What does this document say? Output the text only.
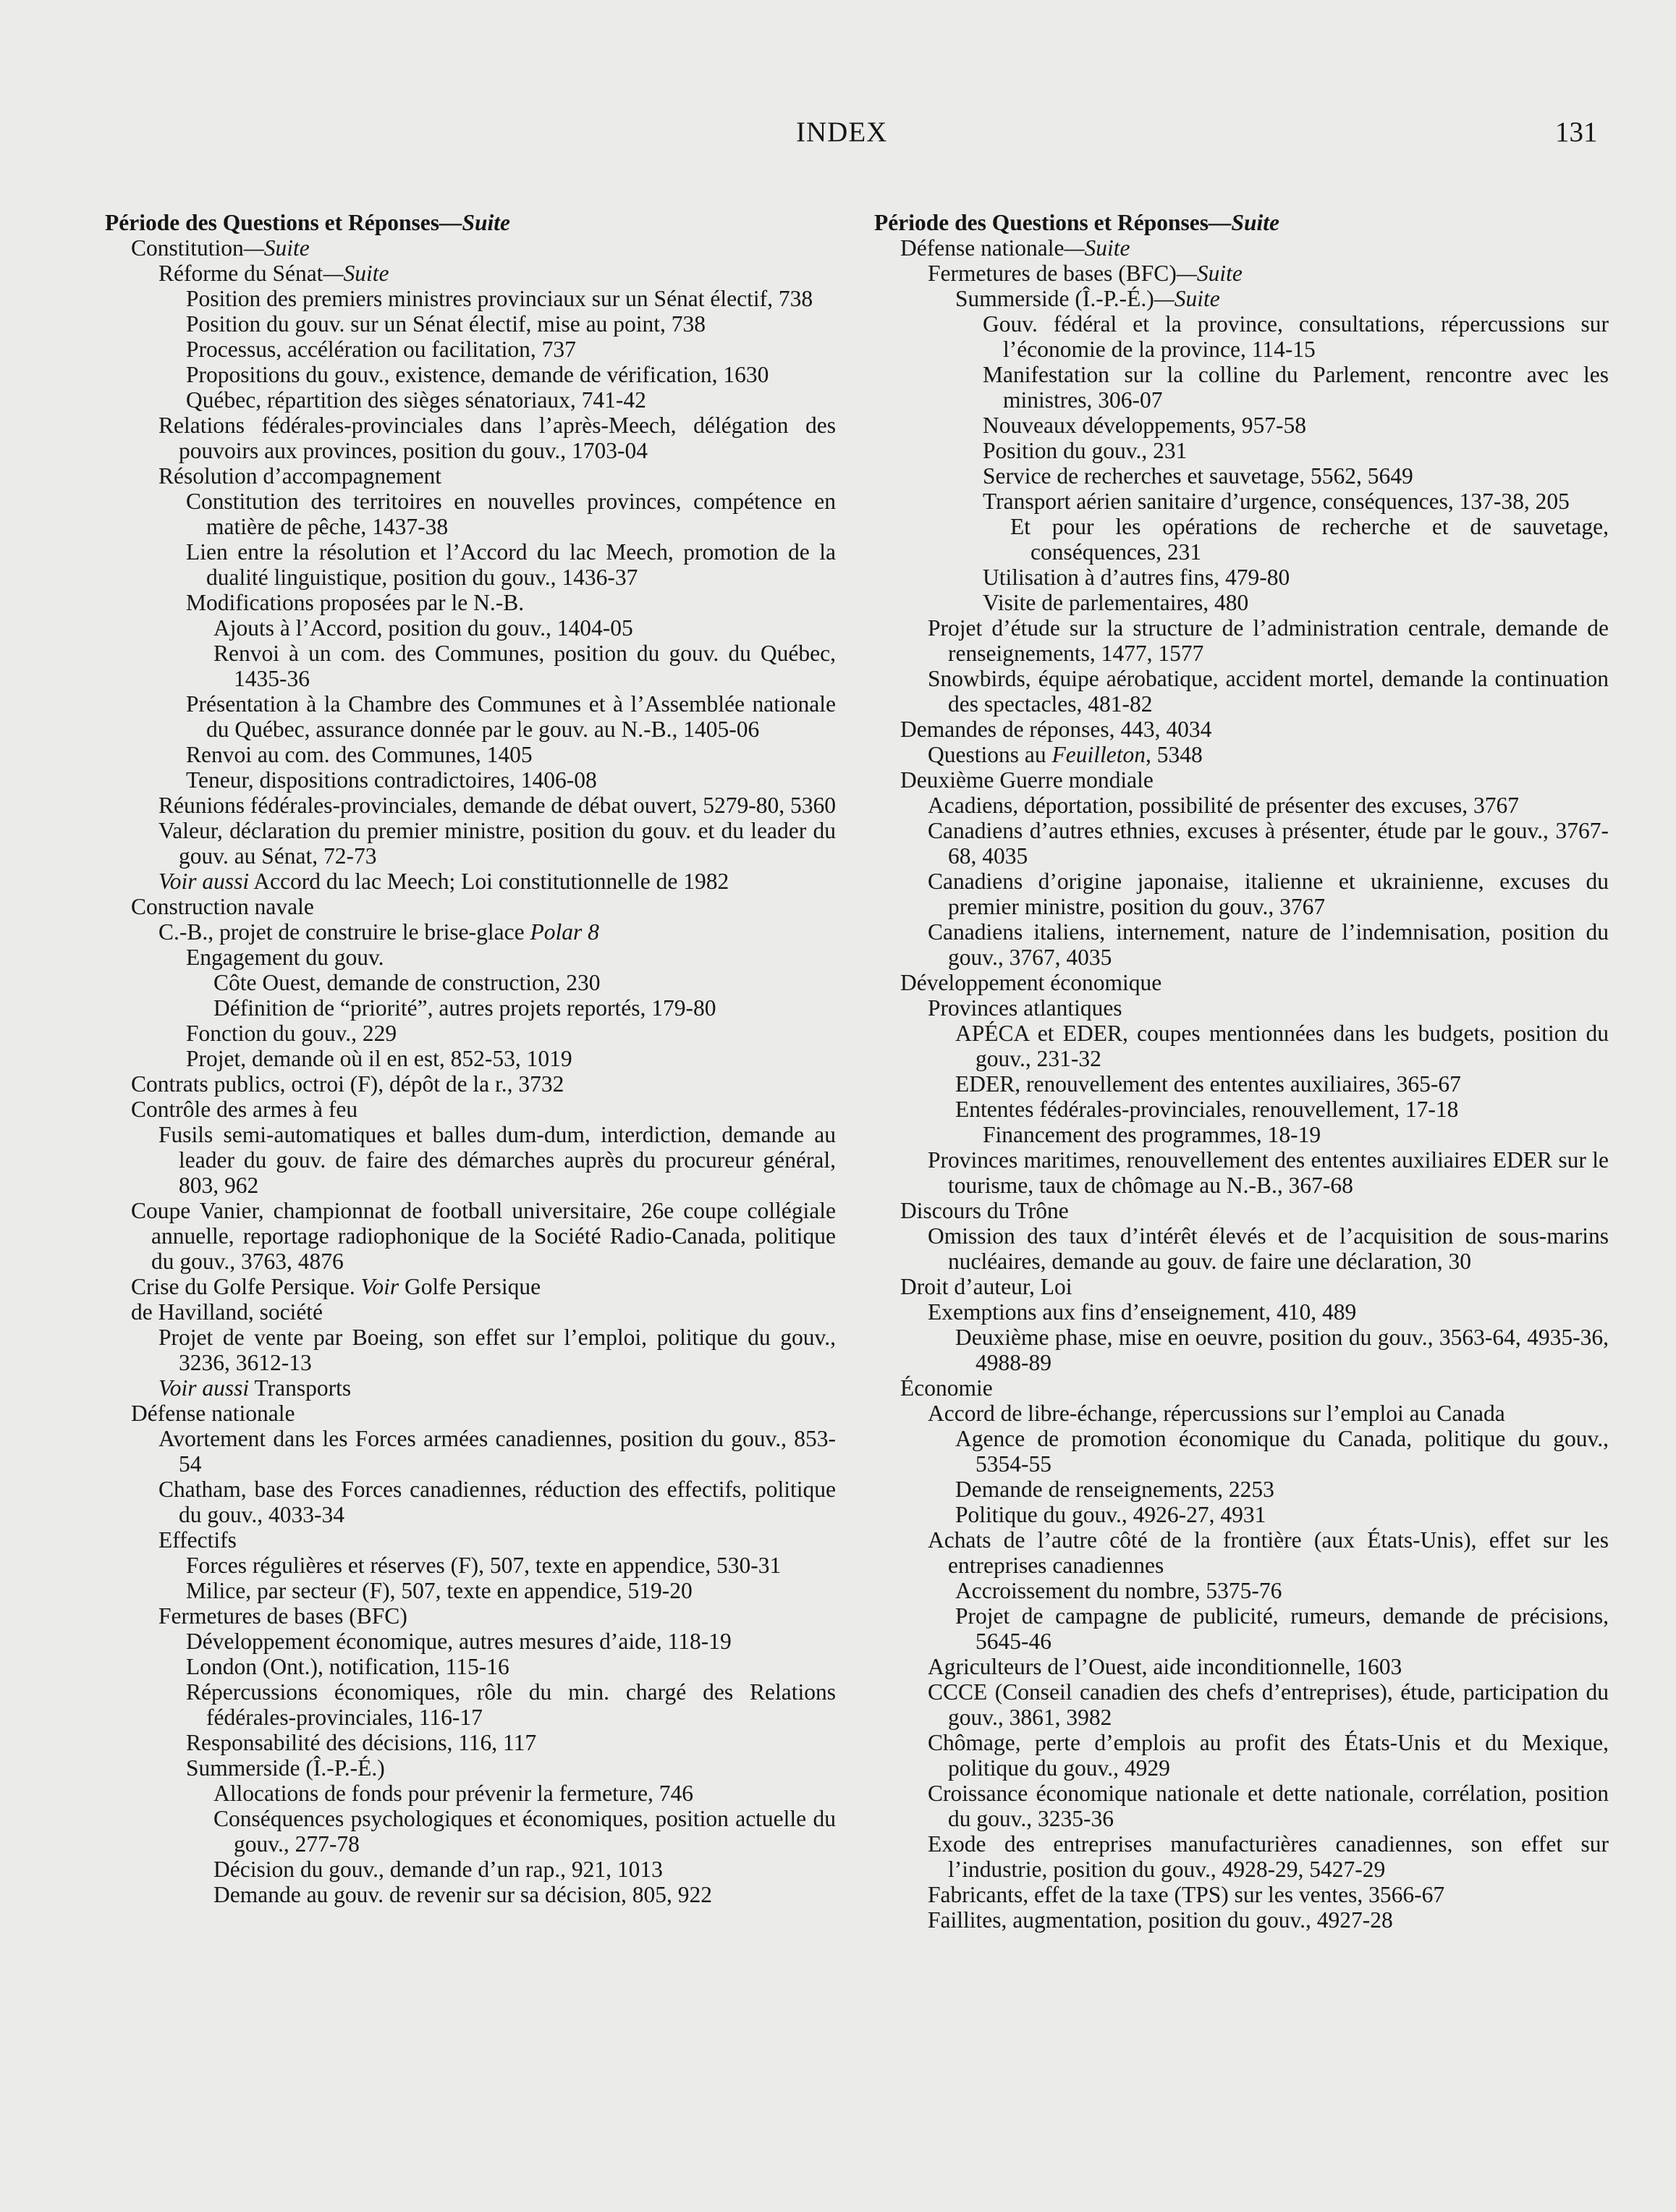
INDEX	131

Période des Questions et Réponses—Suite

Constitution—Suite

Réforme du Sénat—Suite

Position des premiers ministres provinciaux sur un Sénat électif, 738

Position du gouv. sur un Sénat électif, mise au point, 738

Processus, accélération ou facilitation, 737

Propositions du gouv., existence, demande de vérification, 1630

Québec, répartition des sièges sénatoriaux, 741-42

Relations fédérales-provinciales dans l’après-Meech, délégation des pouvoirs aux provinces, position du gouv., 1703-04

Résolution d’accompagnement

Constitution des territoires en nouvelles provinces, compétence en matière de pêche, 1437-38

Lien entre la résolution et l’Accord du lac Meech, promotion de la dualité linguistique, position du gouv., 1436-37

Modifications proposées par le N.-B.

Ajouts à l’Accord, position du gouv., 1404-05

Renvoi à un com. des Communes, position du gouv. du Québec, 1435-36

Présentation à la Chambre des Communes et à l’Assemblée nationale du Québec, assurance donnée par le gouv. au N.-B., 1405-06

Renvoi au com. des Communes, 1405

Teneur, dispositions contradictoires, 1406-08

Réunions fédérales-provinciales, demande de débat ouvert, 5279-80, 5360

Valeur, déclaration du premier ministre, position du gouv. et du leader du gouv. au Sénat, 72-73

Voir aussi Accord du lac Meech; Loi constitutionnelle de 1982

Construction navale

C.-B., projet de construire le brise-glace Polar 8

Engagement du gouv.

Côte Ouest, demande de construction, 230

Définition de “priorité”, autres projets reportés, 179-80

Fonction du gouv., 229

Projet, demande où il en est, 852-53, 1019

Contrats publics, octroi (F), dépôt de la r., 3732

Contrôle des armes à feu

Fusils semi-automatiques et balles dum-dum, interdiction, demande au leader du gouv. de faire des démarches auprès du procureur général, 803, 962

Coupe Vanier, championnat de football universitaire, 26e coupe collégiale annuelle, reportage radiophonique de la Société Radio-Canada, politique du gouv., 3763, 4876

Crise du Golfe Persique. Voir Golfe Persique

de Havilland, société

Projet de vente par Boeing, son effet sur l’emploi, politique du gouv., 3236, 3612-13

Voir aussi Transports

Défense nationale

Avortement dans les Forces armées canadiennes, position du gouv., 853-54

Chatham, base des Forces canadiennes, réduction des effectifs, politique du gouv., 4033-34

Effectifs

Forces régulières et réserves (F), 507, texte en appendice, 530-31

Milice, par secteur (F), 507, texte en appendice, 519-20

Fermetures de bases (BFC)

Développement économique, autres mesures d’aide, 118-19

London (Ont.), notification, 115-16

Répercussions économiques, rôle du min. chargé des Relations fédérales-provinciales, 116-17

Responsabilité des décisions, 116, 117

Summerside (Î.-P.-É.)

Allocations de fonds pour prévenir la fermeture, 746

Conséquences psychologiques et économiques, position actuelle du gouv., 277-78

Décision du gouv., demande d’un rap., 921, 1013

Demande au gouv. de revenir sur sa décision, 805, 922

Période des Questions et Réponses—Suite

Défense nationale—Suite

Fermetures de bases (BFC)—Suite

Summerside (Î.-P.-É.)—Suite

Gouv. fédéral et la province, consultations, répercussions sur l’économie de la province, 114-15

Manifestation sur la colline du Parlement, rencontre avec les ministres, 306-07

Nouveaux développements, 957-58

Position du gouv., 231

Service de recherches et sauvetage, 5562, 5649

Transport aérien sanitaire d’urgence, conséquences, 137-38, 205

Et pour les opérations de recherche et de sauvetage, conséquences, 231

Utilisation à d’autres fins, 479-80

Visite de parlementaires, 480

Projet d’étude sur la structure de l’administration centrale, demande de renseignements, 1477, 1577

Snowbirds, équipe aérobatique, accident mortel, demande la continuation des spectacles, 481-82

Demandes de réponses, 443, 4034

Questions au Feuilleton, 5348

Deuxième Guerre mondiale

Acadiens, déportation, possibilité de présenter des excuses, 3767

Canadiens d’autres ethnies, excuses à présenter, étude par le gouv., 3767-68, 4035

Canadiens d’origine japonaise, italienne et ukrainienne, excuses du premier ministre, position du gouv., 3767

Canadiens italiens, internement, nature de l’indemnisation, position du gouv., 3767, 4035

Développement économique

Provinces atlantiques

APÉCA et EDER, coupes mentionnées dans les budgets, position du gouv., 231-32

EDER, renouvellement des ententes auxiliaires, 365-67

Ententes fédérales-provinciales, renouvellement, 17-18

Financement des programmes, 18-19

Provinces maritimes, renouvellement des ententes auxiliaires EDER sur le tourisme, taux de chômage au N.-B., 367-68

Discours du Trône

Omission des taux d’intérêt élevés et de l’acquisition de sous-marins nucléaires, demande au gouv. de faire une déclaration, 30

Droit d’auteur, Loi

Exemptions aux fins d’enseignement, 410, 489

Deuxième phase, mise en oeuvre, position du gouv., 3563-64, 4935-36, 4988-89

Économie

Accord de libre-échange, répercussions sur l’emploi au Canada

Agence de promotion économique du Canada, politique du gouv., 5354-55

Demande de renseignements, 2253

Politique du gouv., 4926-27, 4931

Achats de l’autre côté de la frontière (aux États-Unis), effet sur les entreprises canadiennes

Accroissement du nombre, 5375-76

Projet de campagne de publicité, rumeurs, demande de précisions, 5645-46

Agriculteurs de l’Ouest, aide inconditionnelle, 1603

CCCE (Conseil canadien des chefs d’entreprises), étude, participation du gouv., 3861, 3982

Chômage, perte d’emplois au profit des États-Unis et du Mexique, politique du gouv., 4929

Croissance économique nationale et dette nationale, corrélation, position du gouv., 3235-36

Exode des entreprises manufacturières canadiennes, son effet sur l’industrie, position du gouv., 4928-29, 5427-29

Fabricants, effet de la taxe (TPS) sur les ventes, 3566-67

Faillites, augmentation, position du gouv., 4927-28
